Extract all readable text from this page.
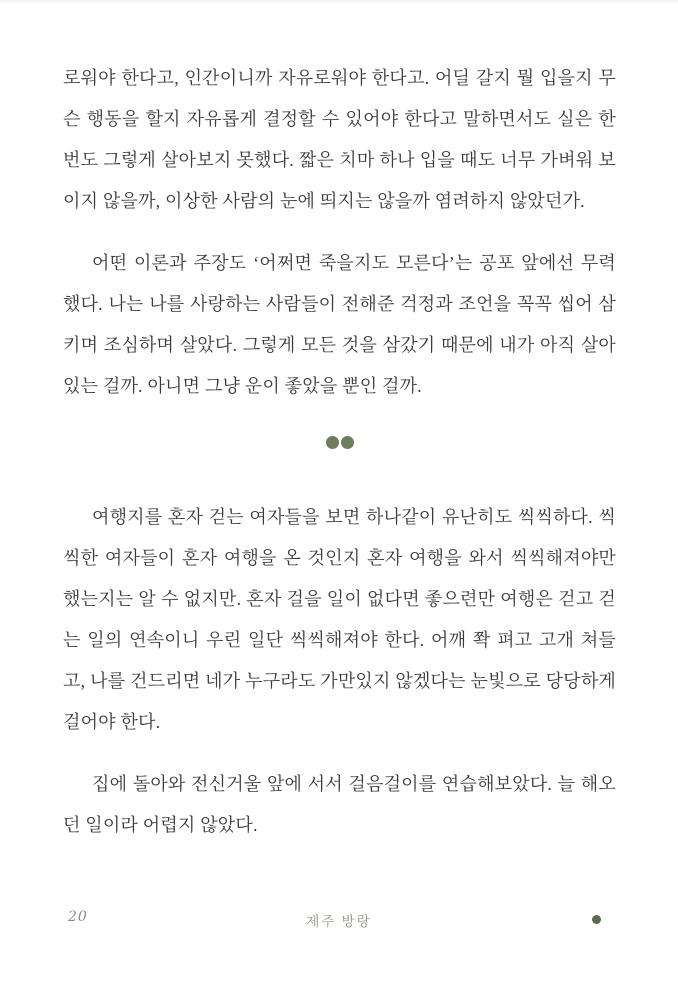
로워야 한다고, 인간이니까 자유로워야 한다고. 어딜 갈지 뭘 입을지 무슨 행동을 할지 자유롭게 결정할 수 있어야 한다고 말하면서도 실은 한 번도 그렇게 살아보지 못했다. 짧은 치마 하나 입을 때도 너무 가벼워 보이지 않을까, 이상한 사람의 눈에 띄지는 않을까 염려하지 않았던가.

어떤 이론과 주장도 ‘어쩌면 죽을지도 모른다’는 공포 앞에선 무력했다. 나는 나를 사랑하는 사람들이 전해준 걱정과 조언을 꼭꼭 씹어 삼키며 조심하며 살았다. 그렇게 모든 것을 삼갔기 때문에 내가 아직 살아 있는 걸까. 아니면 그냥 운이 좋았을 뿐인 걸까.

여행지를 혼자 걷는 여자들을 보면 하나같이 유난히도 씩씩하다. 씩씩한 여자들이 혼자 여행을 온 것인지 혼자 여행을 와서 씩씩해져야만 했는지는 알 수 없지만. 혼자 걸을 일이 없다면 좋으련만 여행은 걷고 걷는 일의 연속이니 우린 일단 씩씩해져야 한다. 어깨 쫙 펴고 고개 쳐들고, 나를 건드리면 네가 누구라도 가만있지 않겠다는 눈빛으로 당당하게 걸어야 한다.

집에 돌아와 전신거울 앞에 서서 걸음걸이를 연습해보았다. 늘 해오던 일이라 어렵지 않았다.

20	제주 방랑
